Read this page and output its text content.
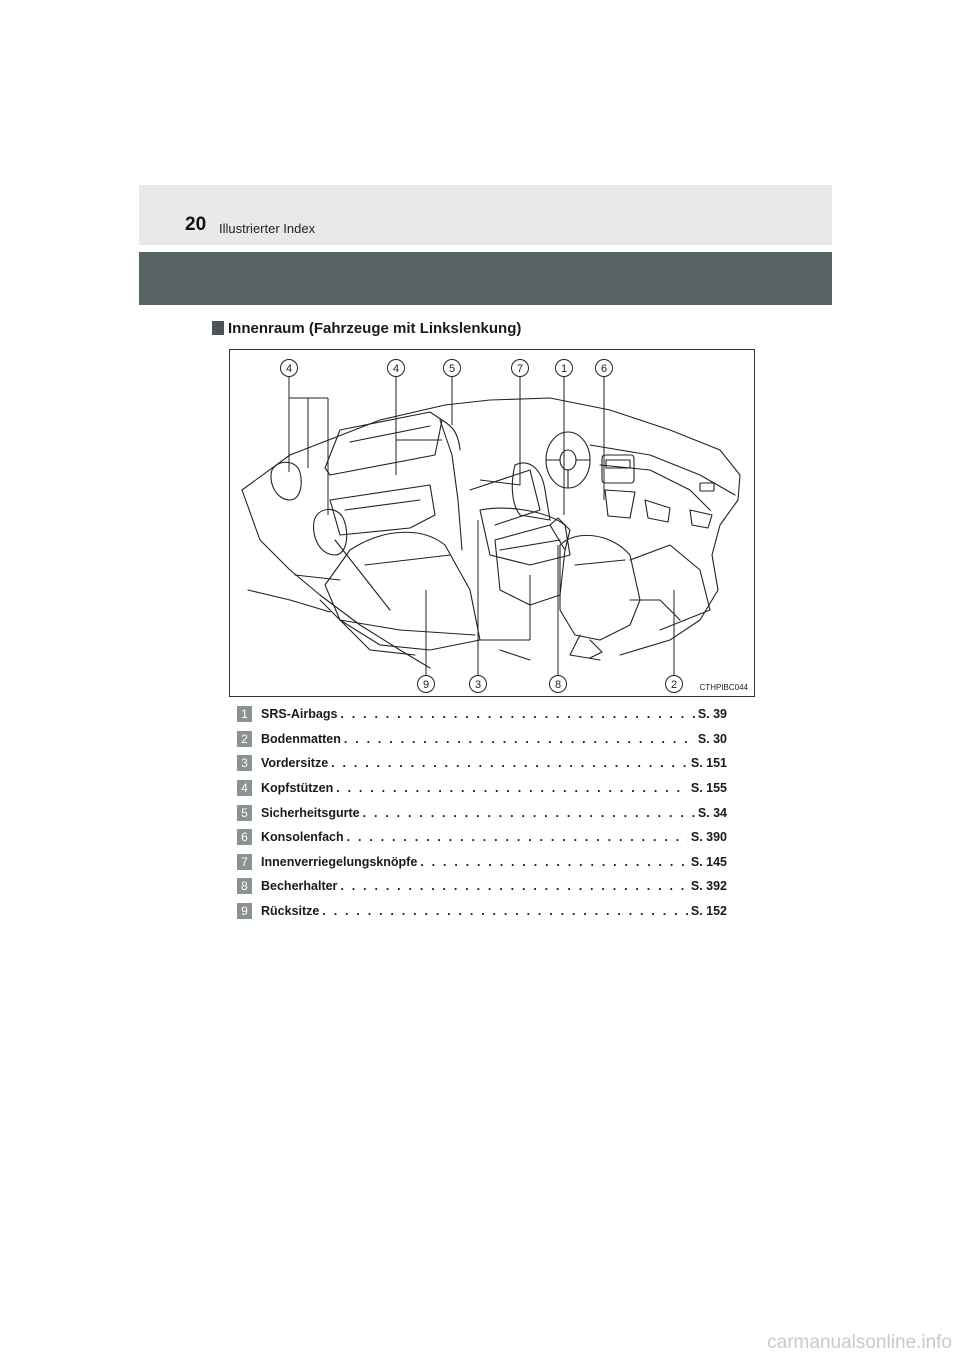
20 Illustrierter Index
Innenraum (Fahrzeuge mit Linkslenkung)
4	4	5	7	1	6
9	3	8	2	CTHPIBC044
1	SRS-Airbags . . .	S. 39
2	Bodenmatten . . .	S. 30
3	Vordersitze . . .	S. 151
4	Kopfstützen . . .	S. 155
5	Sicherheitsgurte . . .	S. 34
6	Konsolenfach . . .	S. 390
7	Innenverriegelungsknöpfe . . .	S. 145
8	Becherhalter . . .	S. 392
9	Rücksitze . . .	S. 152
carmanualsonline.info
